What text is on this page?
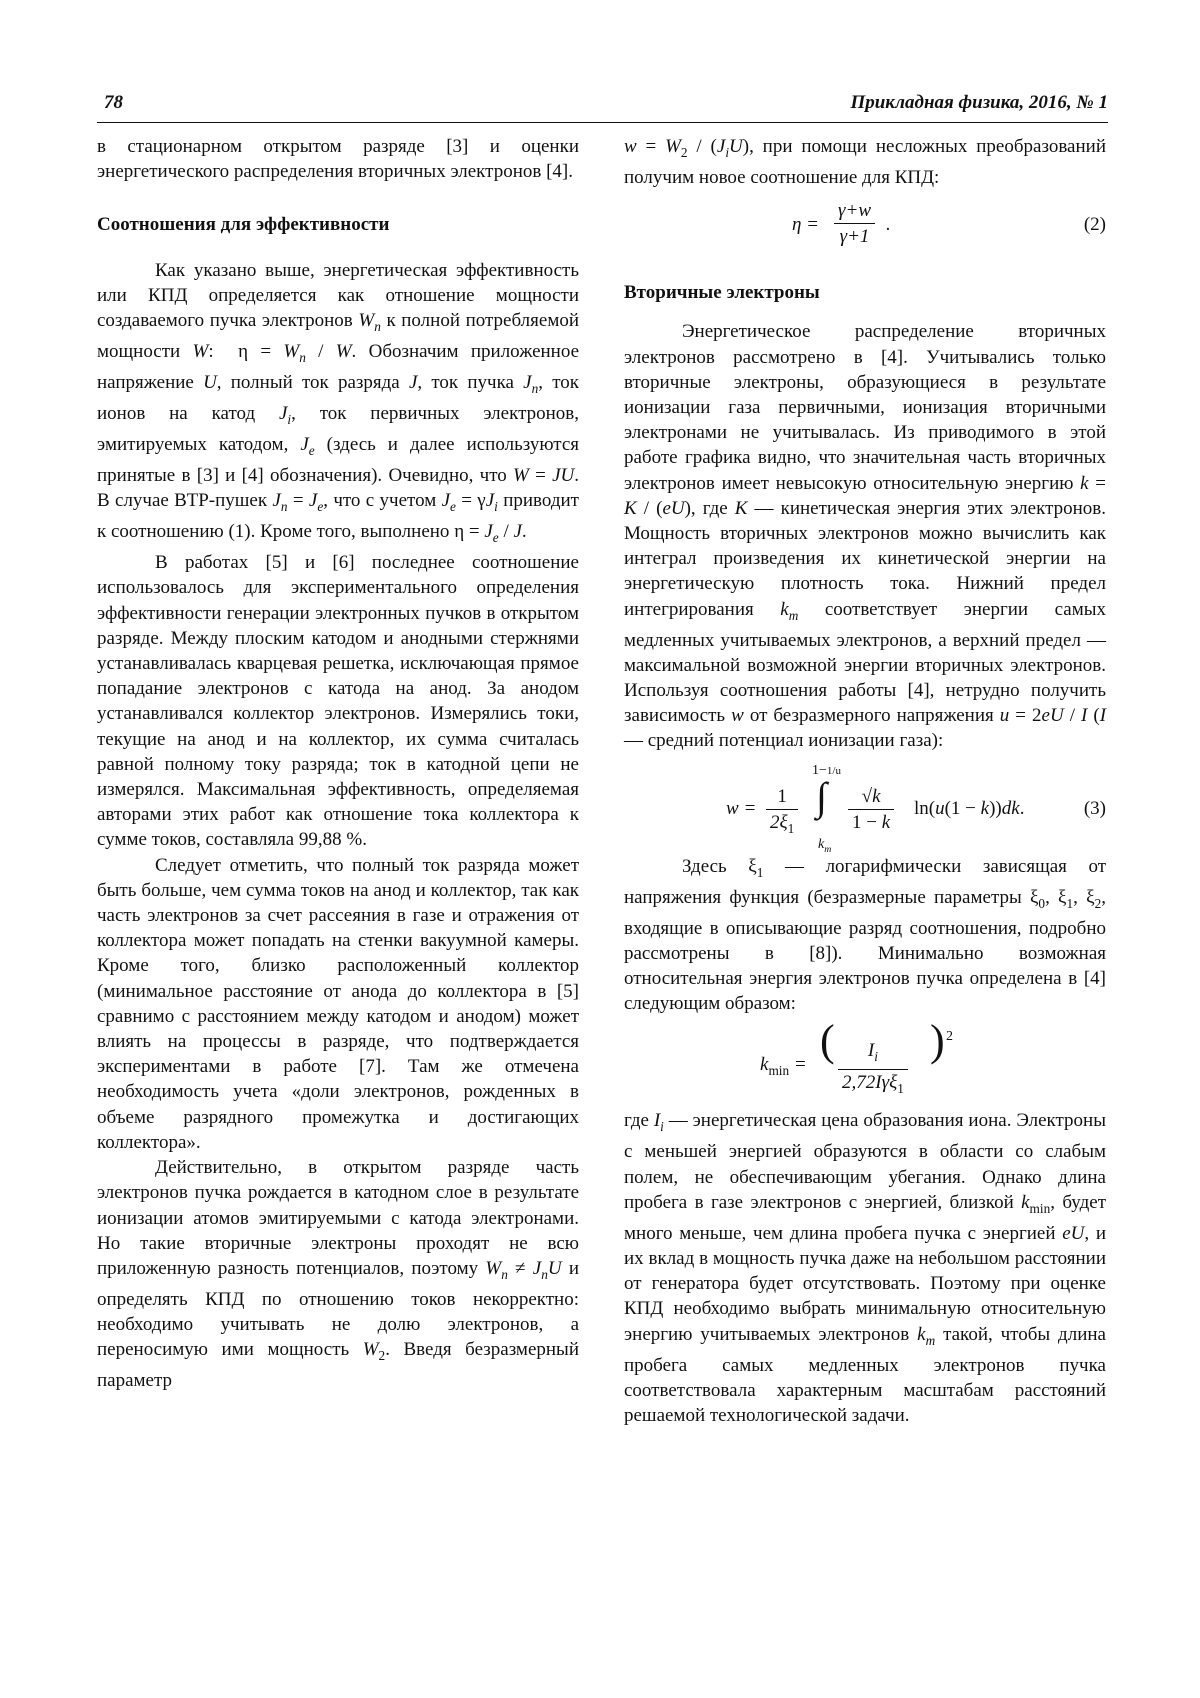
78	Прикладная физика, 2016, № 1

в стационарном открытом разряде [3] и оценки энергетического распределения вторичных электронов [4].

Соотношения для эффективности

Как указано выше, энергетическая эффективность или КПД определяется как отношение мощности создаваемого пучка электронов $W_n$ к полной потребляемой мощности W:  $\eta = W_n / W$. Обозначим приложенное напряжение U, полный ток разряда J, ток пучка $J_n$, ток ионов на катод $J_i$, ток первичных электронов, эмитируемых катодом, $J_e$ (здесь и далее используются принятые в [3] и [4] обозначения). Очевидно, что W = JU. В случае ВТР-пушек $J_n = J_e$, что с учетом $J_e = \gamma J_i$ приводит к соотношению (1). Кроме того, выполнено $\eta = J_e / J$.

В работах [5] и [6] последнее соотношение использовалось для экспериментального определения эффективности генерации электронных пучков в открытом разряде. Между плоским катодом и анодными стержнями устанавливалась кварцевая решетка, исключающая прямое попадание электронов с катода на анод. За анодом устанавливался коллектор электронов. Измерялись токи, текущие на анод и на коллектор, их сумма считалась равной полному току разряда; ток в катодной цепи не измерялся. Максимальная эффективность, определяемая авторами этих работ как отношение тока коллектора к сумме токов, составляла 99,88 %.

Следует отметить, что полный ток разряда может быть больше, чем сумма токов на анод и коллектор, так как часть электронов за счет рассеяния в газе и отражения от коллектора может попадать на стенки вакуумной камеры. Кроме того, близко расположенный коллектор (минимальное расстояние от анода до коллектора в [5] сравнимо с расстоянием между катодом и анодом) может влиять на процессы в разряде, что подтверждается экспериментами в работе [7]. Там же отмечена необходимость учета «доли электронов, рожденных в объеме разрядного промежутка и достигающих коллектора».

Действительно, в открытом разряде часть электронов пучка рождается в катодном слое в результате ионизации атомов эмитируемыми с катода электронами. Но такие вторичные электроны проходят не всю приложенную разность потенциалов, поэтому $W_n \ne J_nU$ и определять КПД по отношению токов некорректно: необходимо учитывать не долю электронов, а переносимую ими мощность $W_2$. Введя безразмерный параметр

$w = W_2 / (J_iU)$, при помощи несложных преобразований получим новое соотношение для КПД:

$\eta = \frac{\gamma+w}{\gamma+1}$ .	(2)

Вторичные электроны

Энергетическое распределение вторичных электронов рассмотрено в [4]. Учитывались только вторичные электроны, образующиеся в результате ионизации газа первичными, ионизация вторичными электронами не учитывалась. Из приводимого в этой работе графика видно, что значительная часть вторичных электронов имеет невысокую относительную энергию k = K / (eU), где K — кинетическая энергия этих электронов. Мощность вторичных электронов можно вычислить как интеграл произведения их кинетической энергии на энергетическую плотность тока. Нижний предел интегрирования $k_m$ соответствует энергии самых медленных учитываемых электронов, а верхний предел — максимальной возможной энергии вторичных электронов. Используя соотношения работы [4], нетрудно получить зависимость w от безразмерного напряжения u = 2eU / I (I — средний потенциал ионизации газа):

$w = \frac{1}{2\xi_1}$
1−1/u
∫
$k_m$
$\frac{√k}{1 - k} \ln(u(1 - k))dk$.	(3)

Здесь $\xi_1$ — логарифмически зависящая от напряжения функция (безразмерные параметры $\xi_0$, $\xi_1$, $\xi_2$, входящие в описывающие разряд соотношения, подробно рассмотрены в [8]). Минимально возможная относительная энергия электронов пучка определена в [4] следующим образом:

$k_{min}$ = (	$I_i$
2,72Iγξ$_1$
) 2

где $I_i$ — энергетическая цена образования иона. Электроны с меньшей энергией образуются в области со слабым полем, не обеспечивающим убегания. Однако длина пробега в газе электронов с энергией, близкой $k_{min}$, будет много меньше, чем длина пробега пучка с энергией eU, и их вклад в мощность пучка даже на небольшом расстоянии от генератора будет отсутствовать. Поэтому при оценке КПД необходимо выбрать минимальную относительную энергию учитываемых электронов $k_m$ такой, чтобы длина пробега самых медленных электронов пучка соответствовала характерным масштабам расстояний решаемой технологической задачи.
